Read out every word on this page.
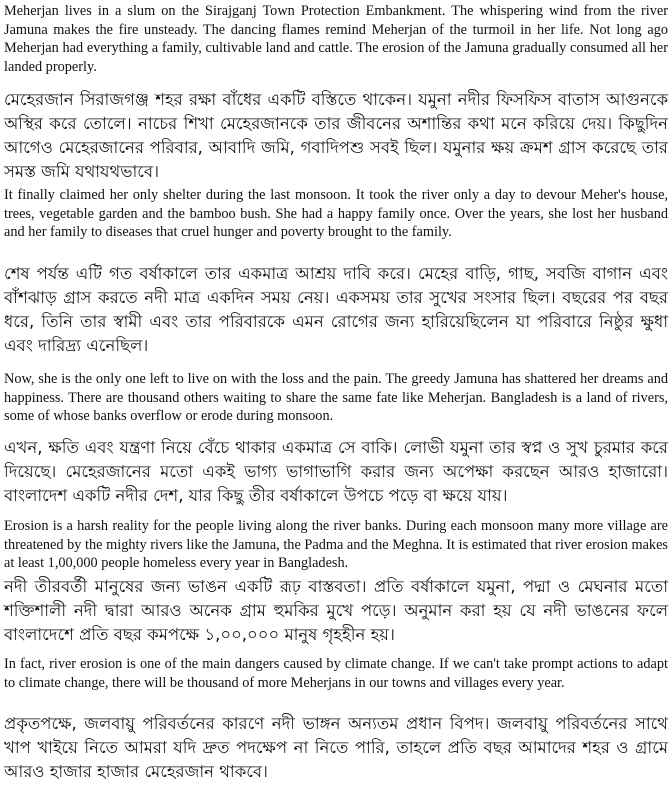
Meherjan lives in a slum on the Sirajganj Town Protection Embankment. The whispering wind from the river Jamuna makes the fire unsteady. The dancing flames remind Meherjan of the turmoil in her life. Not long ago Meherjan had everything a family, cultivable land and cattle. The erosion of the Jamuna gradually consumed all her landed properly.

মেহেরজান সিরাজগঞ্জ শহর রক্ষা বাঁধের একটি বস্তিতে থাকেন। যমুনা নদীর ফিসফিস বাতাস আগুনকে অস্থির করে তোলে। নাচের শিখা মেহেরজানকে তার জীবনের অশান্তির কথা মনে করিয়ে দেয়। কিছুদিন আগেও মেহেরজানের পরিবার, আবাদি জমি, গবাদিপশু সবই ছিল। যমুনার ক্ষয় ক্রমশ গ্রাস করেছে তার সমস্ত জমি যথাযথভাবে।

It finally claimed her only shelter during the last monsoon. It took the river only a day to devour Meher's house, trees, vegetable garden and the bamboo bush. She had a happy family once. Over the years, she lost her husband and her family to diseases that cruel hunger and poverty brought to the family.

শেষ পর্যন্ত এটি গত বর্ষাকালে তার একমাত্র আশ্রয় দাবি করে। মেহের বাড়ি, গাছ, সবজি বাগান এবং বাঁশঝাড় গ্রাস করতে নদী মাত্র একদিন সময় নেয়। একসময় তার সুখের সংসার ছিল। বছরের পর বছর ধরে, তিনি তার স্বামী এবং তার পরিবারকে এমন রোগের জন্য হারিয়েছিলেন যা পরিবারে নিষ্ঠুর ক্ষুধা এবং দারিদ্র্য এনেছিল।

Now, she is the only one left to live on with the loss and the pain. The greedy Jamuna has shattered her dreams and happiness. There are thousand others waiting to share the same fate like Meherjan. Bangladesh is a land of rivers, some of whose banks overflow or erode during monsoon.

এখন, ক্ষতি এবং যন্ত্রণা নিয়ে বেঁচে থাকার একমাত্র সে বাকি। লোভী যমুনা তার স্বপ্ন ও সুখ চুরমার করে দিয়েছে। মেহেরজানের মতো একই ভাগ্য ভাগাভাগি করার জন্য অপেক্ষা করছেন আরও হাজারো। বাংলাদেশ একটি নদীর দেশ, যার কিছু তীর বর্ষাকালে উপচে পড়ে বা ক্ষয়ে যায়।

Erosion is a harsh reality for the people living along the river banks. During each monsoon many more village are threatened by the mighty rivers like the Jamuna, the Padma and the Meghna. It is estimated that river erosion makes at least 1,00,000 people homeless every year in Bangladesh.

নদী তীরবর্তী মানুষের জন্য ভাঙন একটি রূঢ় বাস্তবতা। প্রতি বর্ষাকালে যমুনা, পদ্মা ও মেঘনার মতো শক্তিশালী নদী দ্বারা আরও অনেক গ্রাম হুমকির মুখে পড়ে। অনুমান করা হয় যে নদী ভাঙনের ফলে বাংলাদেশে প্রতি বছর কমপক্ষে ১,০০,০০০ মানুষ গৃহহীন হয়।

In fact, river erosion is one of the main dangers caused by climate change. If we can't take prompt actions to adapt to climate change, there will be thousand of more Meherjans in our towns and villages every year.

প্রকৃতপক্ষে, জলবায়ু পরিবর্তনের কারণে নদী ভাঙ্গন অন্যতম প্রধান বিপদ। জলবায়ু পরিবর্তনের সাথে খাপ খাইয়ে নিতে আমরা যদি দ্রুত পদক্ষেপ না নিতে পারি, তাহলে প্রতি বছর আমাদের শহর ও গ্রামে আরও হাজার হাজার মেহেরজান থাকবে।
